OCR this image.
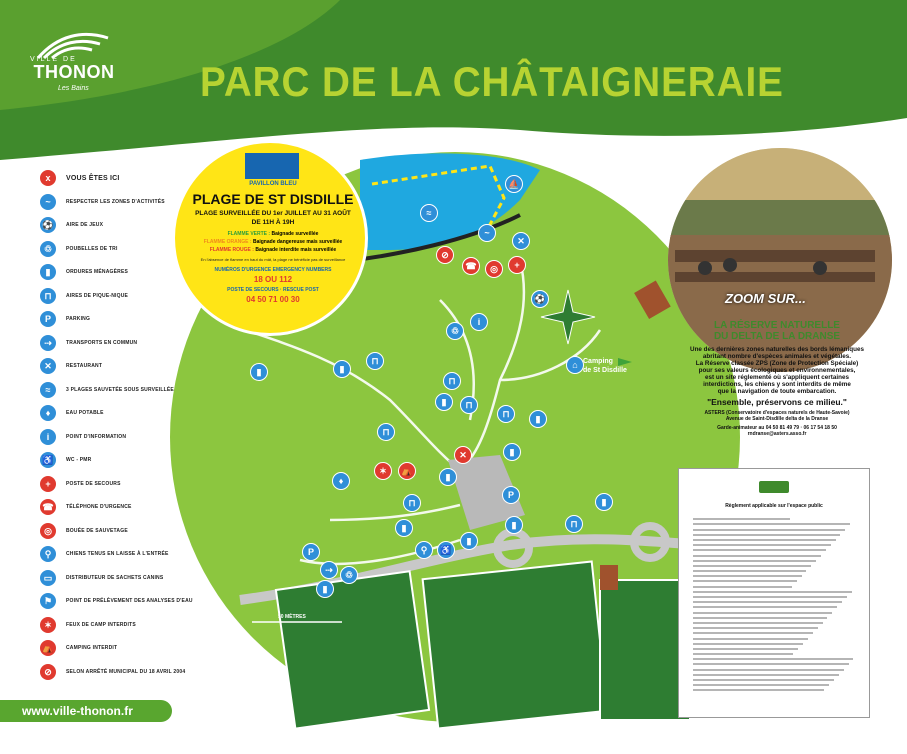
VILLE DE
THONON
Les Bains	PARC DE LA CHÂTAIGNERAIE
PAVILLON BLEU
PLAGE DE ST DISDILLE
PLAGE SURVEILLÉE DU 1er JUILLET AU 31 AOÛT
DE 11H À 19H
FLAMME VERTE : Baignade surveillée
FLAMME ORANGE : Baignade dangereuse mais surveillée
FLAMME ROUGE : Baignade interdite mais surveillée
En l'absence de flamme en haut du mât, la plage ne bénéficie pas de surveillance
NUMÉROS D'URGENCE EMERGENCY NUMBERS
18 OU 112
POSTE DE SECOURS · RESCUE POST
04 50 71 00 30
x	VOUS ÊTES ICI
~	RESPECTER LES ZONES D'ACTIVITÉS
⚽	AIRE DE JEUX
♲	POUBELLES DE TRI
▮	ORDURES MÉNAGÈRES
⊓	AIRES DE PIQUE-NIQUE
P	PARKING
⇢	TRANSPORTS EN COMMUN
✕	RESTAURANT
≈	3 PLAGES SAUVETÉE SOUS SURVEILLÉE
♦	EAU POTABLE
i	POINT D'INFORMATION
♿	WC - PMR
+	POSTE DE SECOURS
☎	TÉLÉPHONE D'URGENCE
◎	BOUÉE DE SAUVETAGE
⚲	CHIENS TENUS EN LAISSE À L'ENTRÉE
▭	DISTRIBUTEUR DE SACHETS CANINS
⚑	POINT DE PRÉLÈVEMENT DES ANALYSES D'EAU
✶	FEUX DE CAMP INTERDITS
⛺	CAMPING INTERDIT
⊘	SELON ARRÊTÉ MUNICIPAL DU 18 AVRIL 2004
✕
≈
~
⛵
✕
⊘
☎	◎	+
i
♲
⚽
⌂
▮
⊓
▮
▮
⊓
⊓
⊓	▮
⊓
▮
✶	⛺
♦	▮
P
⊓	▮
▮	▮	⊓
⚲	♿
▮
P
⇢	♲
▮
Camping
de St Disdille
50 MÈTRES
ZOOM SUR...
LA RÉSERVE NATURELLE
DU DELTA DE LA DRANSE
Une des dernières zones naturelles des bords lémaniques
abritant nombre d'espèces animales et végétales.
La Réserve classée ZPS (Zone de Protection Spéciale)
pour ses valeurs écologiques et environnementales,
est un site réglementé où s'appliquent certaines
interdictions, les chiens y sont interdits de même
que la navigation de toute embarcation.
"Ensemble, préservons ce milieu."
ASTERS (Conservatoire d'espaces naturels de Haute-Savoie)
Avenue de Saint-Disdille delta de la Dranse
Garde-animateur au 04 50 81 49 79 · 06 17 54 18 50
rndranse@asters.asso.fr
Règlement applicable sur l'espace public
www.ville-thonon.fr
